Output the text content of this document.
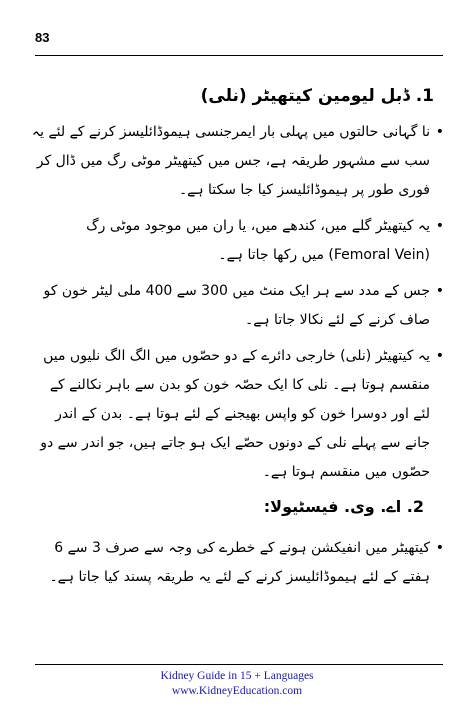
83
1. ڈبل لیومین کیتھیٹر (نلی)
•
نا گہانی حالتوں میں پہلی بار ایمرجنسی ہیموڈائلیسز کرنے کے لئے یہ سب سے مشہور طریقہ ہے، جس میں کیتھیٹر موٹی رگ میں ڈال کر فوری طور پر ہیموڈائلیسز کیا جا سکتا ہے۔
•
یہ کیتھیٹر گلے میں، کندھے میں، یا ران میں موجود موٹی رگ (Femoral Vein) میں رکھا جاتا ہے۔
•
جس کے مدد سے ہر ایک منٹ میں 300 سے 400 ملی لیٹر خون کو صاف کرنے کے لئے نکالا جاتا ہے۔
•
یہ کیتھیٹر (نلی) خارجی دائرے کے دو حصّوں میں الگ الگ نلیوں میں منقسم ہوتا ہے۔ نلی کا ایک حصّہ خون کو بدن سے باہر نکالنے کے لئے اور دوسرا خون کو واپس بھیجنے کے لئے ہوتا ہے۔ بدن کے اندر جانے سے پہلے نلی کے دونوں حصّے ایک ہو جاتے ہیں، جو اندر سے دو حصّوں میں منقسم ہوتا ہے۔
2. اے. وی. فیسٹیولا:
•
کیتھیٹر میں انفیکشن ہونے کے خطرے کی وجہ سے صرف 3 سے 6 ہفتے کے لئے ہیموڈائلیسز کرنے کے لئے یہ طریقہ پسند کیا جاتا ہے۔
Kidney Guide in 15 + Languages
www.KidneyEducation.com
